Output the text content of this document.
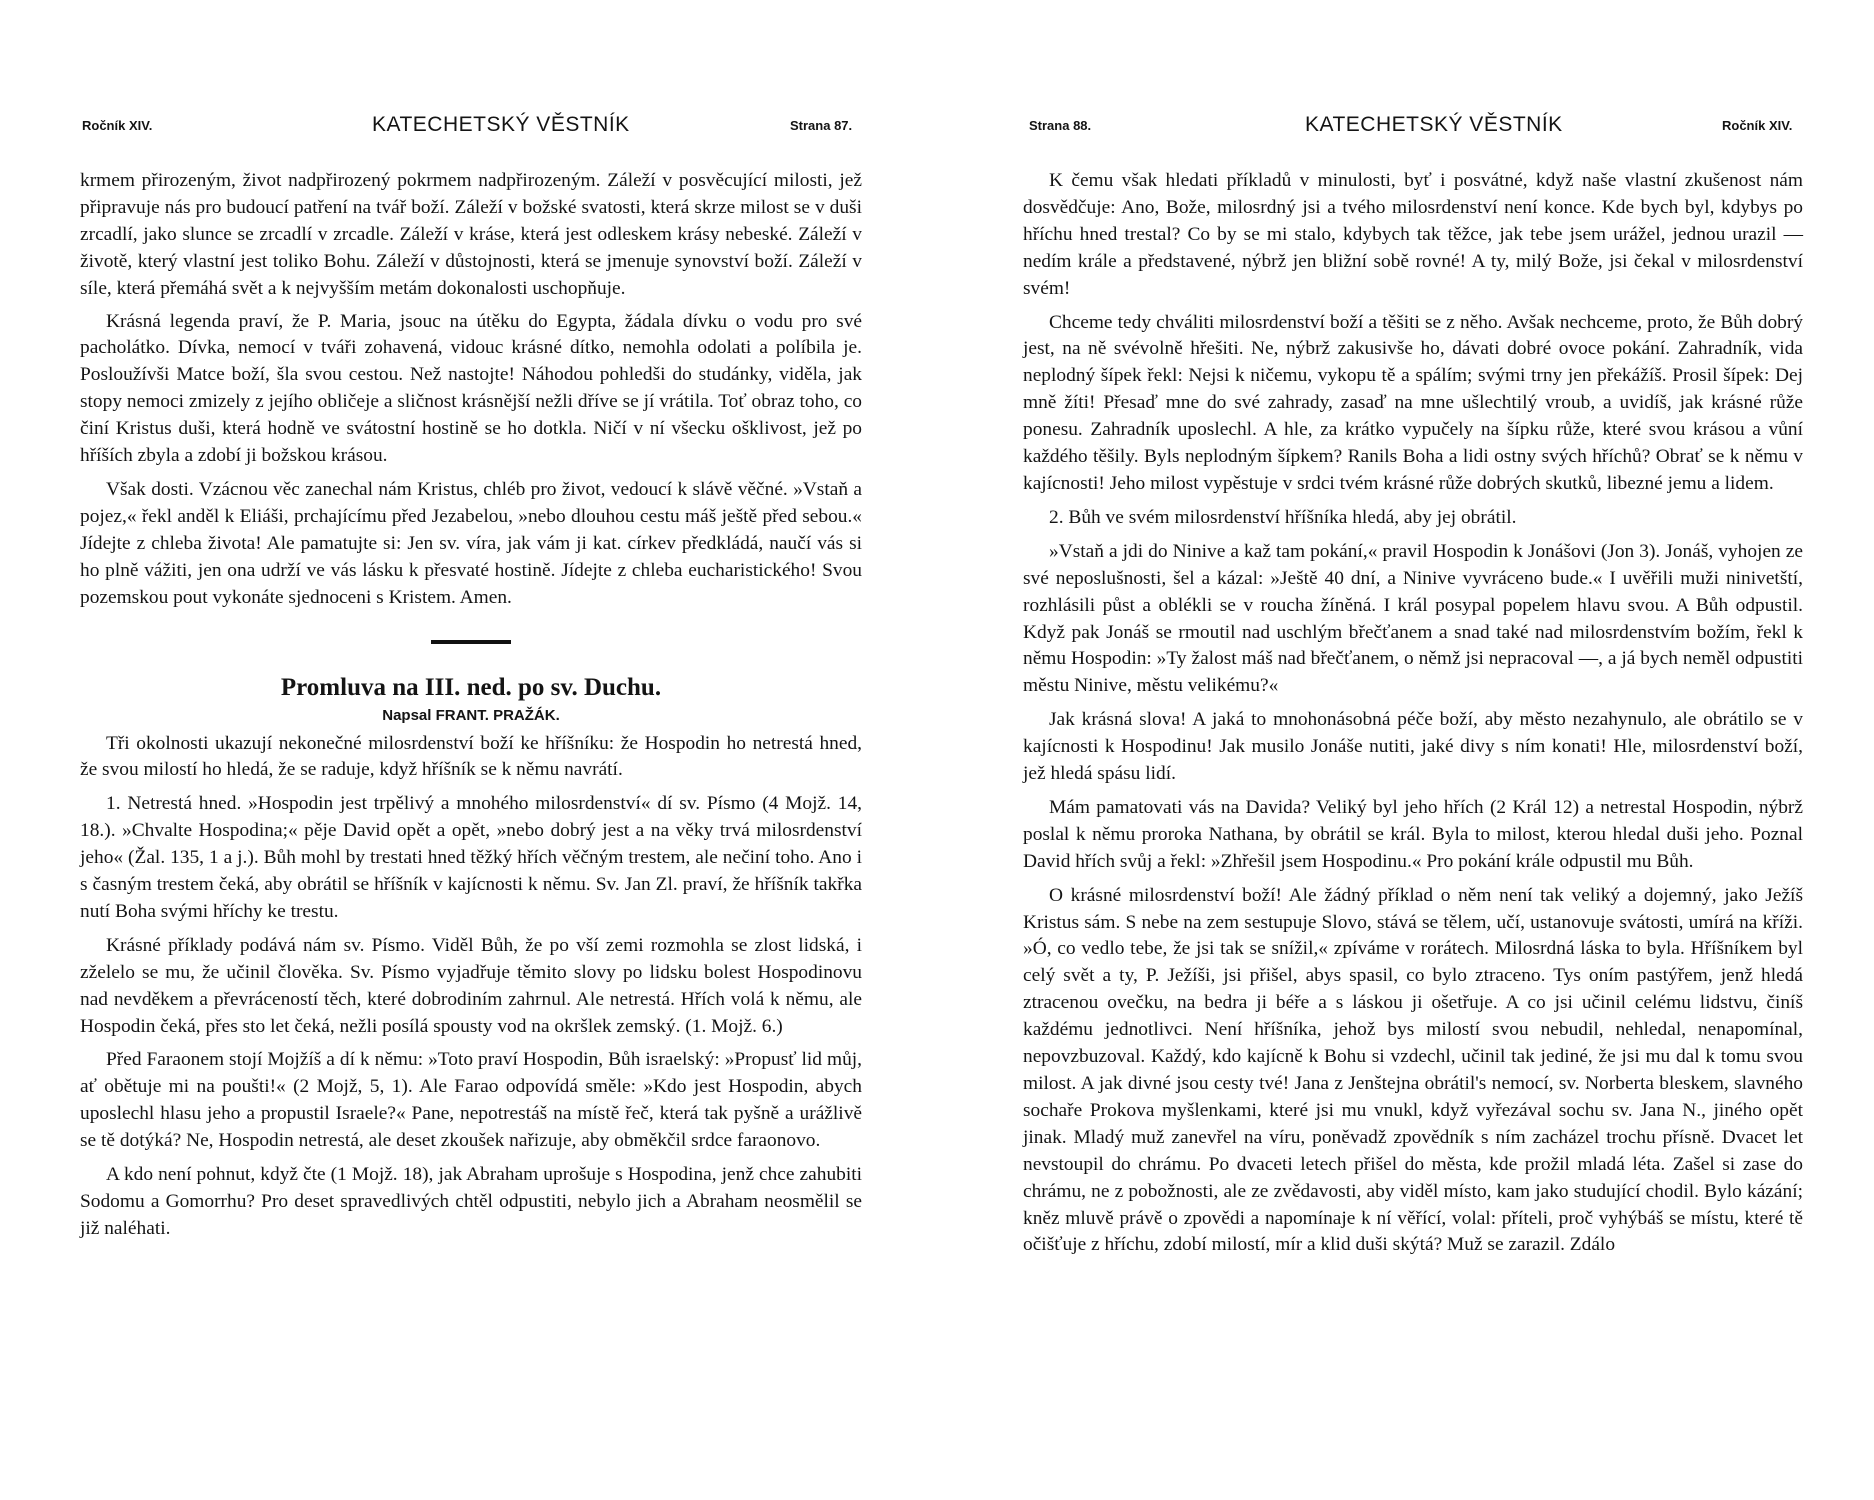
Ročník XIV.	KATECHETSKÝ VĚSTNÍK	Strana 87.

krmem přirozeným, život nadpřirozený pokrmem nadpřirozeným. Záleží v posvěcující milosti, jež připravuje nás pro budoucí patření na tvář boží. Záleží v božské svatosti, která skrze milost se v duši zrcadlí, jako slunce se zrcadlí v zrcadle. Záleží v kráse, která jest odleskem krásy nebeské. Záleží v životě, který vlastní jest toliko Bohu. Záleží v důstojnosti, která se jmenuje synovství boží. Záleží v síle, která přemáhá svět a k nejvyšším metám dokonalosti uschopňuje.

Krásná legenda praví, že P. Maria, jsouc na útěku do Egypta, žádala dívku o vodu pro své pacholátko. Dívka, nemocí v tváři zohavená, vidouc krásné dítko, nemohla odolati a políbila je. Posloužívši Matce boží, šla svou cestou. Než nastojte! Náhodou pohledši do studánky, viděla, jak stopy nemoci zmizely z jejího obličeje a sličnost krásnější nežli dříve se jí vrátila. Toť obraz toho, co činí Kristus duši, která hodně ve svátostní hostině se ho dotkla. Ničí v ní všecku ošklivost, jež po hříších zbyla a zdobí ji božskou krásou.

Však dosti. Vzácnou věc zanechal nám Kristus, chléb pro život, vedoucí k slávě věčné. »Vstaň a pojez,« řekl anděl k Eliáši, prchajícímu před Jezabelou, »nebo dlouhou cestu máš ještě před sebou.« Jídejte z chleba života! Ale pamatujte si: Jen sv. víra, jak vám ji kat. církev předkládá, naučí vás si ho plně vážiti, jen ona udrží ve vás lásku k přesvaté hostině. Jídejte z chleba eucharistického! Svou pozemskou pout vykonáte sjednoceni s Kristem. Amen.

Promluva na III. ned. po sv. Duchu.
Napsal FRANT. PRAŽÁK.

Tři okolnosti ukazují nekonečné milosrdenství boží ke hříšníku: že Hospodin ho netrestá hned, že svou milostí ho hledá, že se raduje, když hříšník se k němu navrátí.

1. Netrestá hned. »Hospodin jest trpělivý a mnohého milosrdenství« dí sv. Písmo (4 Mojž. 14, 18.). »Chvalte Hospodina;« pěje David opět a opět, »nebo dobrý jest a na věky trvá milosrdenství jeho« (Žal. 135, 1 a j.). Bůh mohl by trestati hned těžký hřích věčným trestem, ale nečiní toho. Ano i s časným trestem čeká, aby obrátil se hříšník v kajícnosti k němu. Sv. Jan Zl. praví, že hříšník takřka nutí Boha svými hříchy ke trestu.

Krásné příklady podává nám sv. Písmo. Viděl Bůh, že po vší zemi rozmohla se zlost lidská, i zželelo se mu, že učinil člověka. Sv. Písmo vyjadřuje těmito slovy po lidsku bolest Hospodinovu nad nevděkem a převráceností těch, které dobrodiním zahrnul. Ale netrestá. Hřích volá k němu, ale Hospodin čeká, přes sto let čeká, nežli posílá spousty vod na okršlek zemský. (1. Mojž. 6.)

Před Faraonem stojí Mojžíš a dí k němu: »Toto praví Hospodin, Bůh israelský: »Propusť lid můj, ať obětuje mi na poušti!« (2 Mojž, 5, 1). Ale Farao odpovídá směle: »Kdo jest Hospodin, abych uposlechl hlasu jeho a propustil Israele?« Pane, nepotrestáš na místě řeč, která tak pyšně a urážlivě se tě dotýká? Ne, Hospodin netrestá, ale deset zkoušek nařizuje, aby obměkčil srdce faraonovo.

A kdo není pohnut, když čte (1 Mojž. 18), jak Abraham uprošuje s Hospodina, jenž chce zahubiti Sodomu a Gomorrhu? Pro deset spravedlivých chtěl odpustiti, nebylo jich a Abraham neosmělil se již naléhati.

Strana 88.	KATECHETSKÝ VĚSTNÍK	Ročník XIV.

K čemu však hledati příkladů v minulosti, byť i posvátné, když naše vlastní zkušenost nám dosvědčuje: Ano, Bože, milosrdný jsi a tvého milosrdenství není konce. Kde bych byl, kdybys po hříchu hned trestal? Co by se mi stalo, kdybych tak těžce, jak tebe jsem urážel, jednou urazil — nedím krále a představené, nýbrž jen bližní sobě rovné! A ty, milý Bože, jsi čekal v milosrdenství svém!

Chceme tedy chváliti milosrdenství boží a těšiti se z něho. Avšak nechceme, proto, že Bůh dobrý jest, na ně svévolně hřešiti. Ne, nýbrž zakusivše ho, dávati dobré ovoce pokání. Zahradník, vida neplodný šípek řekl: Nejsi k ničemu, vykopu tě a spálím; svými trny jen překážíš. Prosil šípek: Dej mně žíti! Přesaď mne do své zahrady, zasaď na mne ušlechtilý vroub, a uvidíš, jak krásné růže ponesu. Zahradník uposlechl. A hle, za krátko vypučely na šípku růže, které svou krásou a vůní každého těšily. Byls neplodným šípkem? Ranils Boha a lidi ostny svých hříchů? Obrať se k němu v kajícnosti! Jeho milost vypěstuje v srdci tvém krásné růže dobrých skutků, libezné jemu a lidem.

2. Bůh ve svém milosrdenství hříšníka hledá, aby jej obrátil.

»Vstaň a jdi do Ninive a kaž tam pokání,« pravil Hospodin k Jonášovi (Jon 3). Jonáš, vyhojen ze své neposlušnosti, šel a kázal: »Ještě 40 dní, a Ninive vyvráceno bude.« I uvěřili muži ninivetští, rozhlásili půst a oblékli se v roucha žíněná. I král posypal popelem hlavu svou. A Bůh odpustil. Když pak Jonáš se rmoutil nad uschlým břečťanem a snad také nad milosrdenstvím božím, řekl k němu Hospodin: »Ty žalost máš nad břečťanem, o němž jsi nepracoval —, a já bych neměl odpustiti městu Ninive, městu velikému?«

Jak krásná slova! A jaká to mnohonásobná péče boží, aby město nezahynulo, ale obrátilo se v kajícnosti k Hospodinu! Jak musilo Jonáše nutiti, jaké divy s ním konati! Hle, milosrdenství boží, jež hledá spásu lidí.

Mám pamatovati vás na Davida? Veliký byl jeho hřích (2 Král 12) a netrestal Hospodin, nýbrž poslal k němu proroka Nathana, by obrátil se král. Byla to milost, kterou hledal duši jeho. Poznal David hřích svůj a řekl: »Zhřešil jsem Hospodinu.« Pro pokání krále odpustil mu Bůh.

O krásné milosrdenství boží! Ale žádný příklad o něm není tak veliký a dojemný, jako Ježíš Kristus sám. S nebe na zem sestupuje Slovo, stává se tělem, učí, ustanovuje svátosti, umírá na kříži. »Ó, co vedlo tebe, že jsi tak se snížil,« zpíváme v rorátech. Milosrdná láska to byla. Hříšníkem byl celý svět a ty, P. Ježíši, jsi přišel, abys spasil, co bylo ztraceno. Tys oním pastýřem, jenž hledá ztracenou ovečku, na bedra ji béře a s láskou ji ošetřuje. A co jsi učinil celému lidstvu, činíš každému jednotlivci. Není hříšníka, jehož bys milostí svou nebudil, nehledal, nenapomínal, nepovzbuzoval. Každý, kdo kajícně k Bohu si vzdechl, učinil tak jediné, že jsi mu dal k tomu svou milost. A jak divné jsou cesty tvé! Jana z Jenštejna obrátil's nemocí, sv. Norberta bleskem, slavného sochaře Prokova myšlenkami, které jsi mu vnukl, když vyřezával sochu sv. Jana N., jiného opět jinak. Mladý muž zanevřel na víru, poněvadž zpovědník s ním zacházel trochu přísně. Dvacet let nevstoupil do chrámu. Po dvaceti letech přišel do města, kde prožil mladá léta. Zašel si zase do chrámu, ne z pobožnosti, ale ze zvědavosti, aby viděl místo, kam jako studující chodil. Bylo kázání; kněz mluvě právě o zpovědi a napomínaje k ní věřící, volal: příteli, proč vyhýbáš se místu, které tě očišťuje z hříchu, zdobí milostí, mír a klid duši skýtá? Muž se zarazil. Zdálo
